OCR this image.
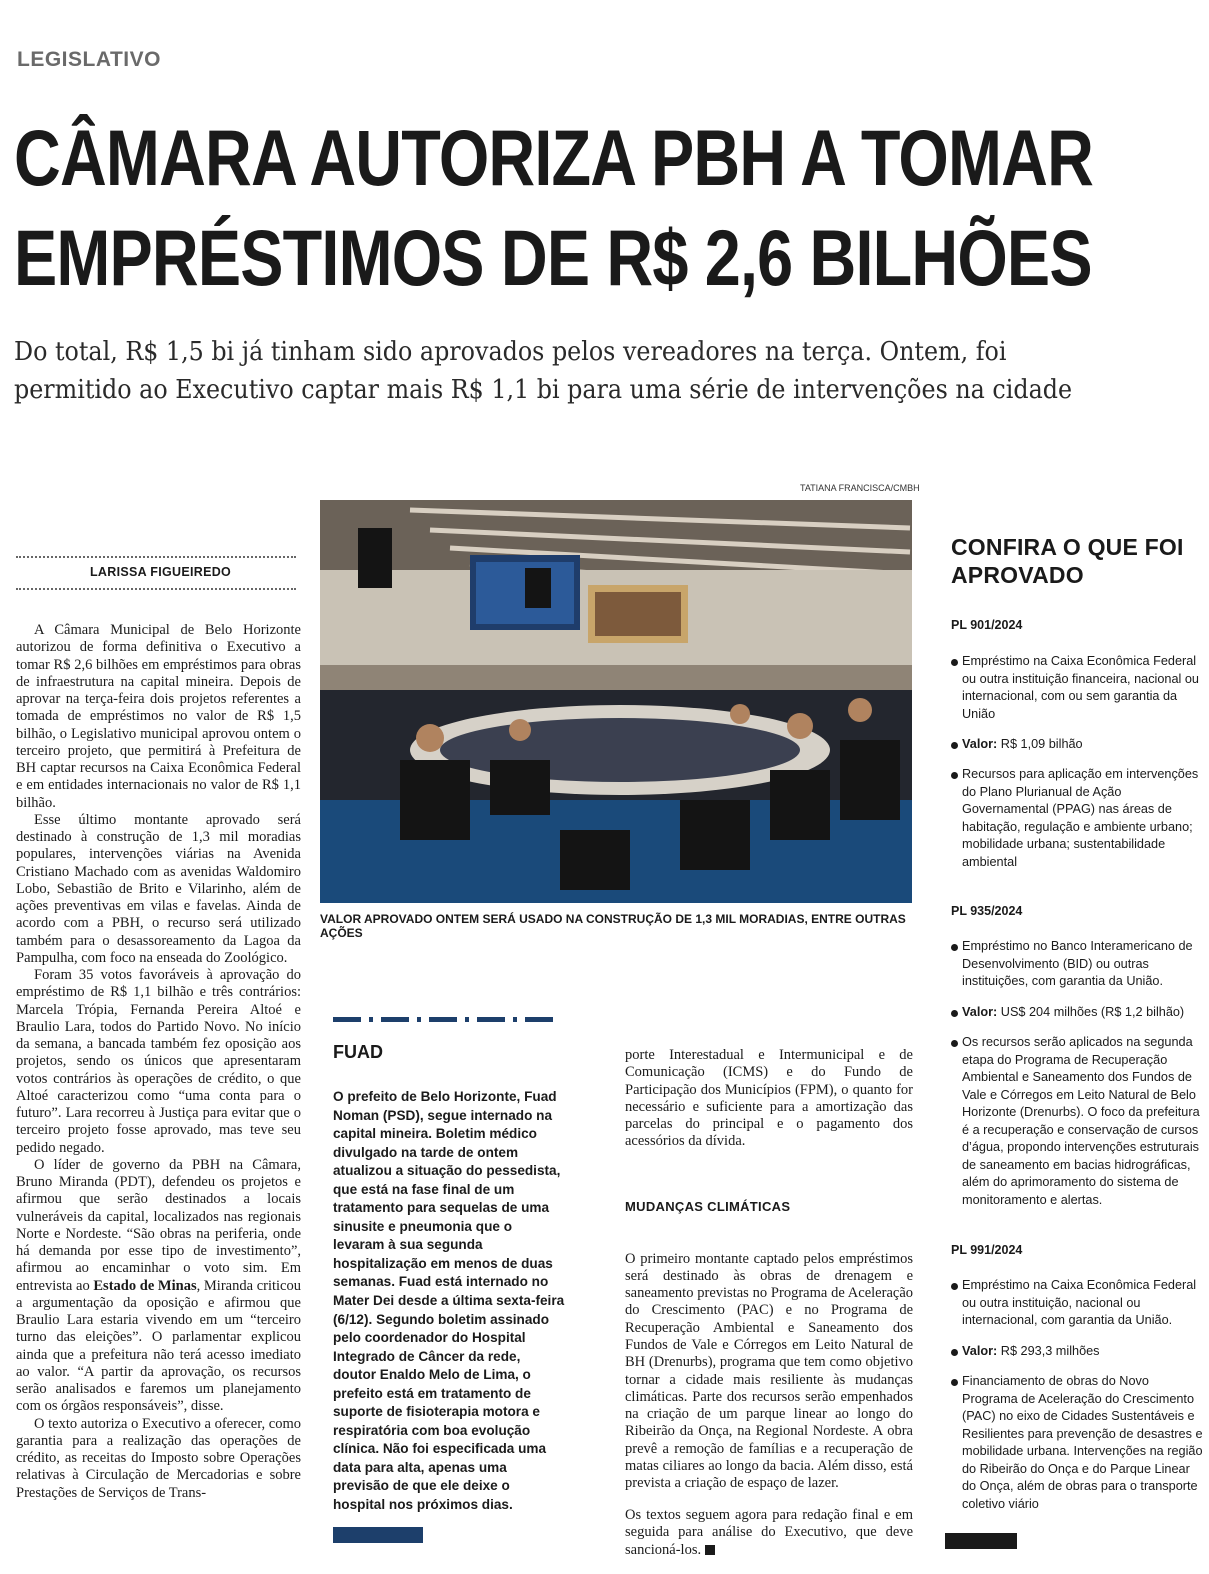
LEGISLATIVO
CÂMARA AUTORIZA PBH A TOMAR
EMPRÉSTIMOS DE R$ 2,6 BILHÕES
Do total, R$ 1,5 bi já tinham sido aprovados pelos vereadores na terça. Ontem, foi
permitido ao Executivo captar mais R$ 1,1 bi para uma série de intervenções na cidade
TATIANA FRANCISCA/CMBH
VALOR APROVADO ONTEM SERÁ USADO NA CONSTRUÇÃO DE 1,3 MIL MORADIAS, ENTRE OUTRAS AÇÕES
LARISSA FIGUEIREDO

A Câmara Municipal de Belo Horizonte autorizou de forma definitiva o Executivo a tomar R$ 2,6 bilhões em empréstimos para obras de infraestrutura na capital mineira. Depois de aprovar na terça-feira dois projetos referentes a tomada de empréstimos no valor de R$ 1,5 bilhão, o Legislativo municipal aprovou ontem o terceiro projeto, que permitirá à Prefeitura de BH captar recursos na Caixa Econômica Federal e em entidades internacionais no valor de R$ 1,1 bilhão.

Esse último montante aprovado será destinado à construção de 1,3 mil moradias populares, intervenções viárias na Avenida Cristiano Machado com as avenidas Waldomiro Lobo, Sebastião de Brito e Vilarinho, além de ações preventivas em vilas e favelas. Ainda de acordo com a PBH, o recurso será utilizado também para o desassoreamento da Lagoa da Pampulha, com foco na enseada do Zoológico.

Foram 35 votos favoráveis à aprovação do empréstimo de R$ 1,1 bilhão e três contrários: Marcela Trópia, Fernanda Pereira Altoé e Braulio Lara, todos do Partido Novo. No início da semana, a bancada também fez oposição aos projetos, sendo os únicos que apresentaram votos contrários às operações de crédito, o que Altoé caracterizou como “uma conta para o futuro”. Lara recorreu à Justiça para evitar que o terceiro projeto fosse aprovado, mas teve seu pedido negado.

O líder de governo da PBH na Câmara, Bruno Miranda (PDT), defendeu os projetos e afirmou que serão destinados a locais vulneráveis da capital, localizados nas regionais Norte e Nordeste. “São obras na periferia, onde há demanda por esse tipo de investimento”, afirmou ao encaminhar o voto sim. Em entrevista ao Estado de Minas, Miranda criticou a argumentação da oposição e afirmou que Braulio Lara estaria vivendo em um “terceiro turno das eleições”. O parlamentar explicou ainda que a prefeitura não terá acesso imediato ao valor. “A partir da aprovação, os recursos serão analisados e faremos um planejamento com os órgãos responsáveis”, disse.

O texto autoriza o Executivo a oferecer, como garantia para a realização das operações de crédito, as receitas do Imposto sobre Operações relativas à Circulação de Mercadorias e sobre Prestações de Serviços de Trans-

FUAD
O prefeito de Belo Horizonte, Fuad Noman (PSD), segue internado na capital mineira. Boletim médico divulgado na tarde de ontem atualizou a situação do pessedista, que está na fase final de um tratamento para sequelas de uma sinusite e pneumonia que o levaram à sua segunda hospitalização em menos de duas semanas. Fuad está internado no Mater Dei desde a última sexta-feira (6/12). Segundo boletim assinado pelo coordenador do Hospital Integrado de Câncer da rede, doutor Enaldo Melo de Lima, o prefeito está em tratamento de suporte de fisioterapia motora e respiratória com boa evolução clínica. Não foi especificada uma data para alta, apenas uma previsão de que ele deixe o hospital nos próximos dias.

porte Interestadual e Intermunicipal e de Comunicação (ICMS) e do Fundo de Participação dos Municípios (FPM), o quanto for necessário e suficiente para a amortização das parcelas do principal e o pagamento dos acessórios da dívida.

MUDANÇAS CLIMÁTICAS

O primeiro montante captado pelos empréstimos será destinado às obras de drenagem e saneamento previstas no Programa de Aceleração do Crescimento (PAC) e no Programa de Recuperação Ambiental e Saneamento dos Fundos de Vale e Córregos em Leito Natural de BH (Drenurbs), programa que tem como objetivo tornar a cidade mais resiliente às mudanças climáticas. Parte dos recursos serão empenhados na criação de um parque linear ao longo do Ribeirão da Onça, na Regional Nordeste. A obra prevê a remoção de famílias e a recuperação de matas ciliares ao longo da bacia. Além disso, está prevista a criação de espaço de lazer.

Os textos seguem agora para redação final e em seguida para análise do Executivo, que deve sancioná-los.

CONFIRA O QUE FOI APROVADO
PL 901/2024
Empréstimo na Caixa Econômica Federal ou outra instituição financeira, nacional ou internacional, com ou sem garantia da União
Valor: R$ 1,09 bilhão
Recursos para aplicação em intervenções do Plano Plurianual de Ação Governamental (PPAG) nas áreas de habitação, regulação e ambiente urbano; mobilidade urbana; sustentabilidade ambiental
PL 935/2024
Empréstimo no Banco Interamericano de Desenvolvimento (BID) ou outras instituições, com garantia da União.
Valor: US$ 204 milhões (R$ 1,2 bilhão)
Os recursos serão aplicados na segunda etapa do Programa de Recuperação Ambiental e Saneamento dos Fundos de Vale e Córregos em Leito Natural de Belo Horizonte (Drenurbs). O foco da prefeitura é a recuperação e conservação de cursos d’água, propondo intervenções estruturais de saneamento em bacias hidrográficas, além do aprimoramento do sistema de monitoramento e alertas.
PL 991/2024
Empréstimo na Caixa Econômica Federal ou outra instituição, nacional ou internacional, com garantia da União.
Valor: R$ 293,3 milhões
Financiamento de obras do Novo Programa de Aceleração do Crescimento (PAC) no eixo de Cidades Sustentáveis e Resilientes para prevenção de desastres e mobilidade urbana. Intervenções na região do Ribeirão do Onça e do Parque Linear do Onça, além de obras para o transporte coletivo viário
